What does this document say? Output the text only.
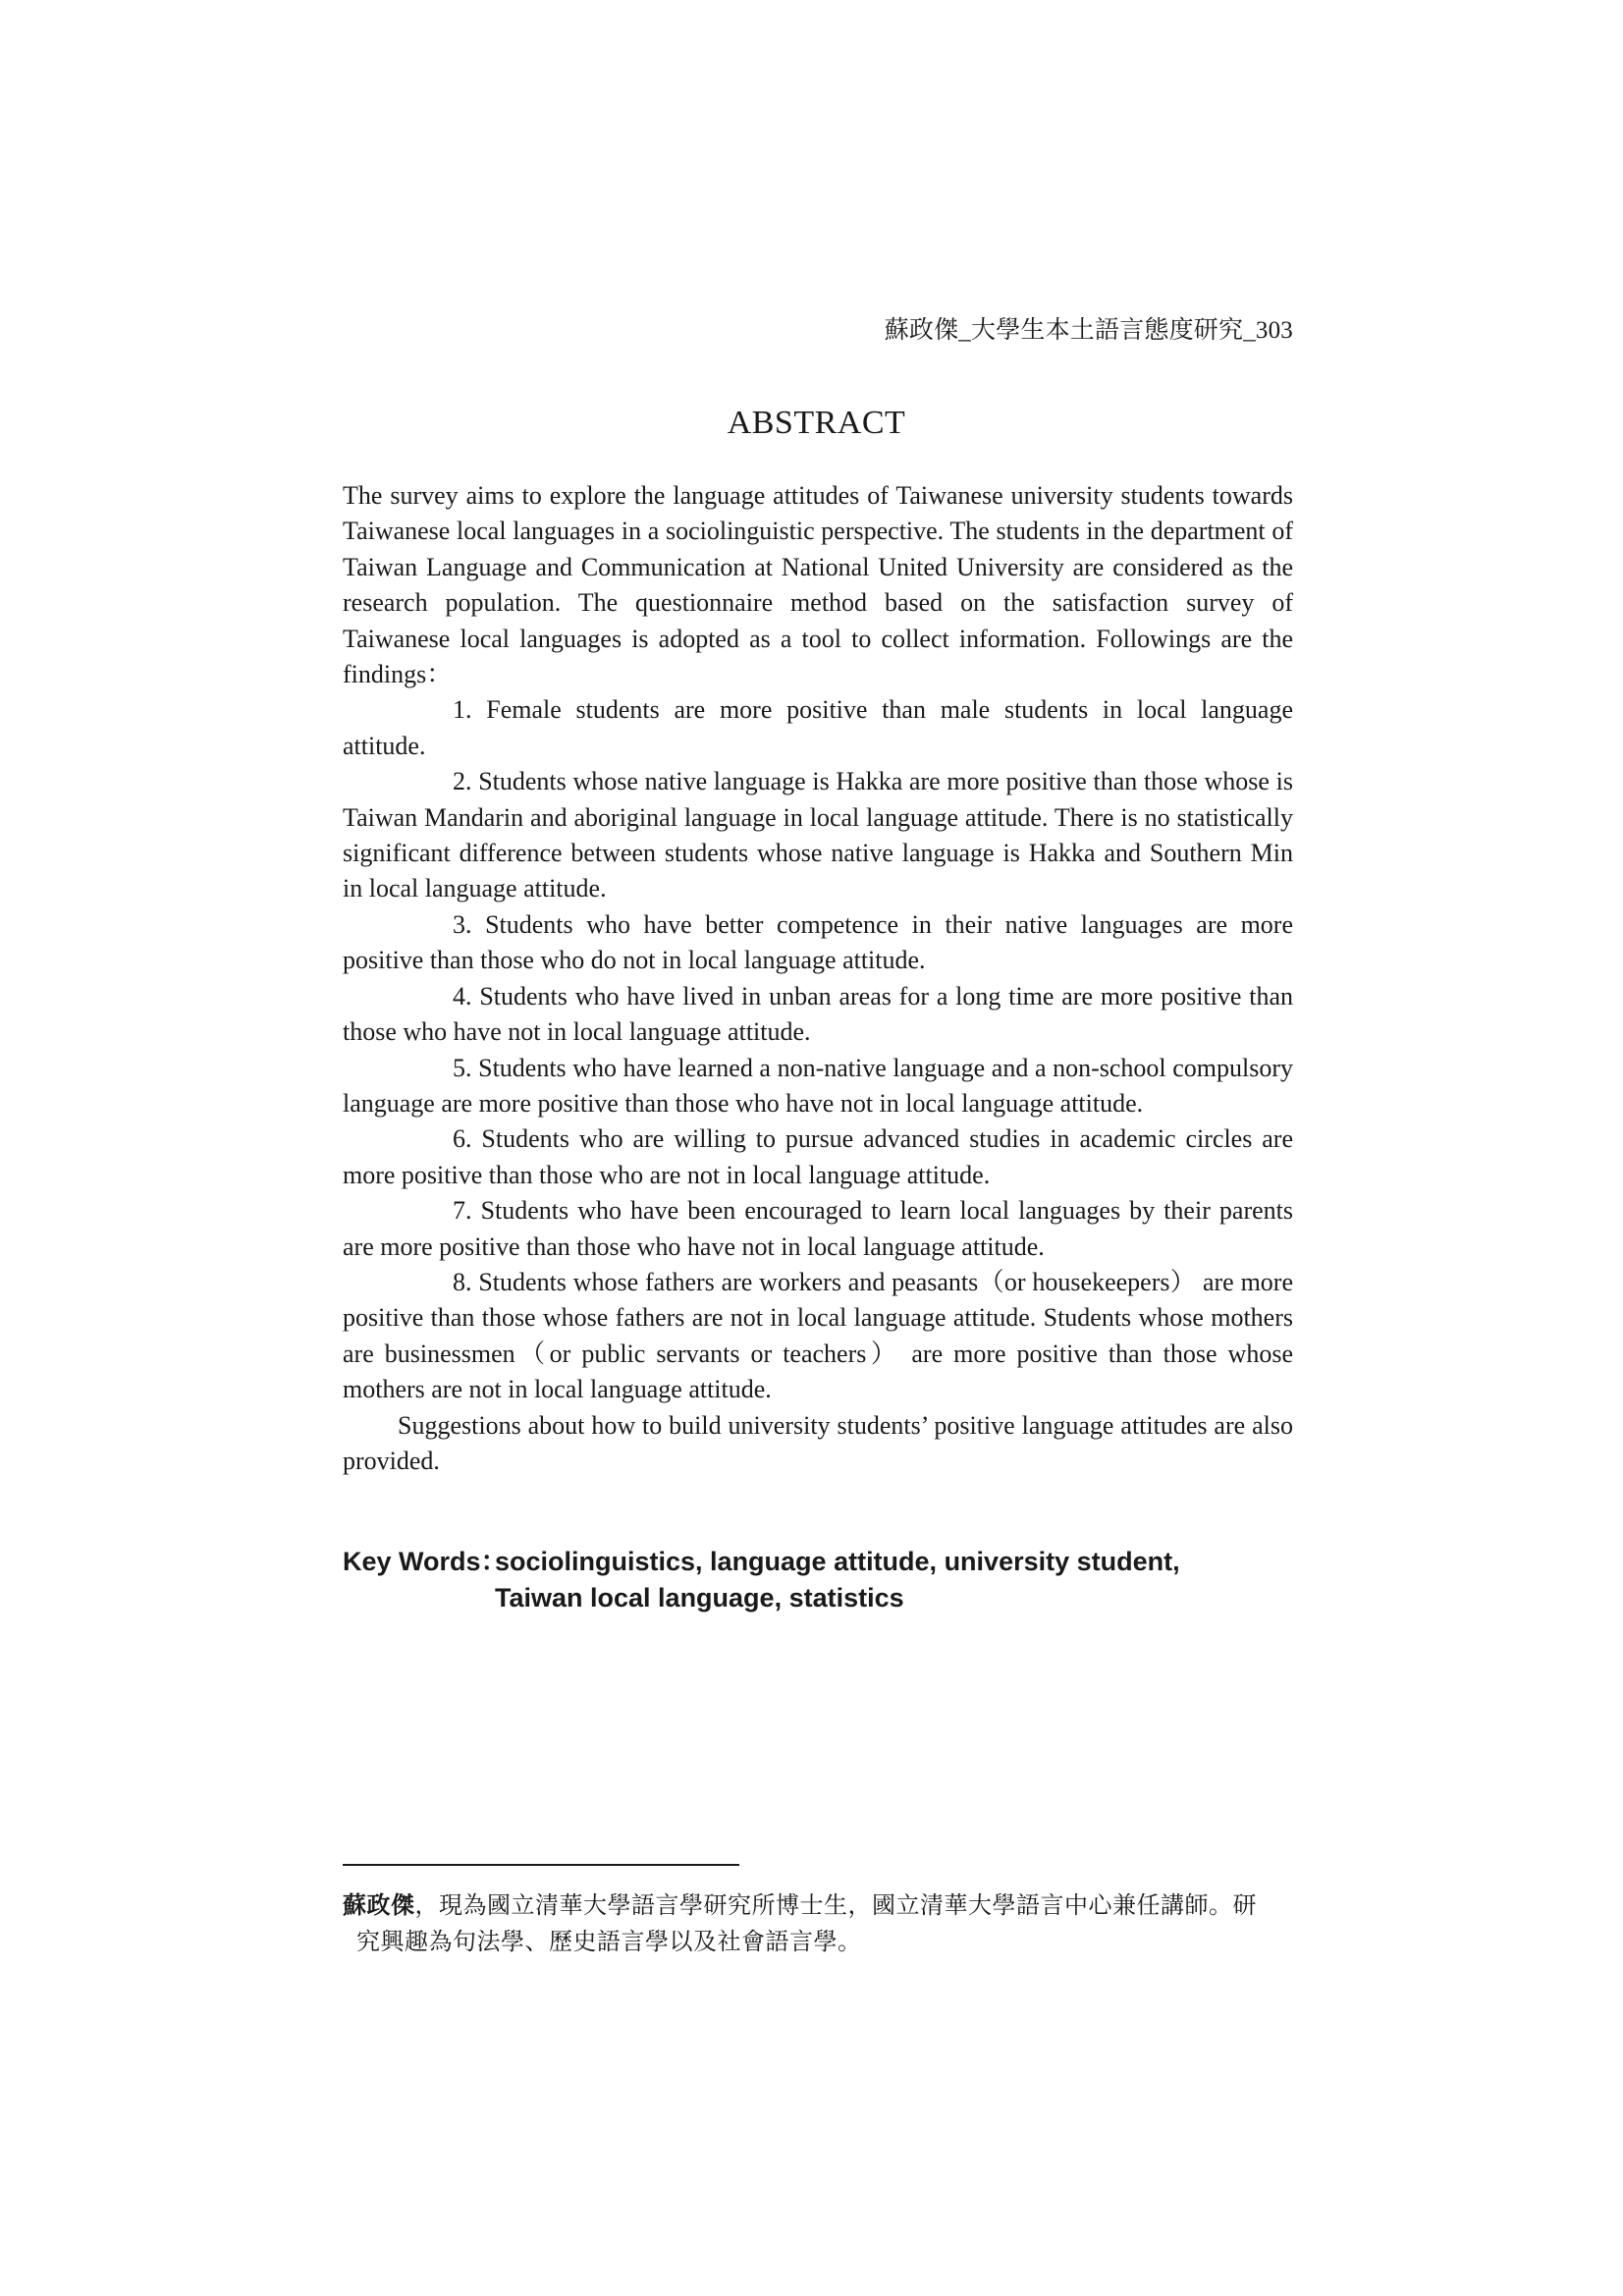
蘇政傑_大學生本土語言態度研究_303
ABSTRACT

The survey aims to explore the language attitudes of Taiwanese university students towards Taiwanese local languages in a sociolinguistic perspective. The students in the department of Taiwan Language and Communication at National United University are considered as the research population. The questionnaire method based on the satisfaction survey of Taiwanese local languages is adopted as a tool to collect information. Followings are the findings：

1. Female students are more positive than male students in local language attitude.

2. Students whose native language is Hakka are more positive than those whose is Taiwan Mandarin and aboriginal language in local language attitude. There is no statistically significant difference between students whose native language is Hakka and Southern Min in local language attitude.

3. Students who have better competence in their native languages are more positive than those who do not in local language attitude.

4. Students who have lived in unban areas for a long time are more positive than those who have not in local language attitude.

5. Students who have learned a non-native language and a non-school compulsory language are more positive than those who have not in local language attitude.

6. Students who are willing to pursue advanced studies in academic circles are more positive than those who are not in local language attitude.

7. Students who have been encouraged to learn local languages by their parents are more positive than those who have not in local language attitude.

8. Students whose fathers are workers and peasants（or housekeepers） are more positive than those whose fathers are not in local language attitude. Students whose mothers are businessmen（or public servants or teachers） are more positive than those whose mothers are not in local language attitude.

Suggestions about how to build university students’ positive language attitudes are also provided.

Key Words：
sociolinguistics, language attitude, university student,
Taiwan local language, statistics
蘇政傑，現為國立清華大學語言學研究所博士生，國立清華大學語言中心兼任講師。研
究興趣為句法學、歷史語言學以及社會語言學。
